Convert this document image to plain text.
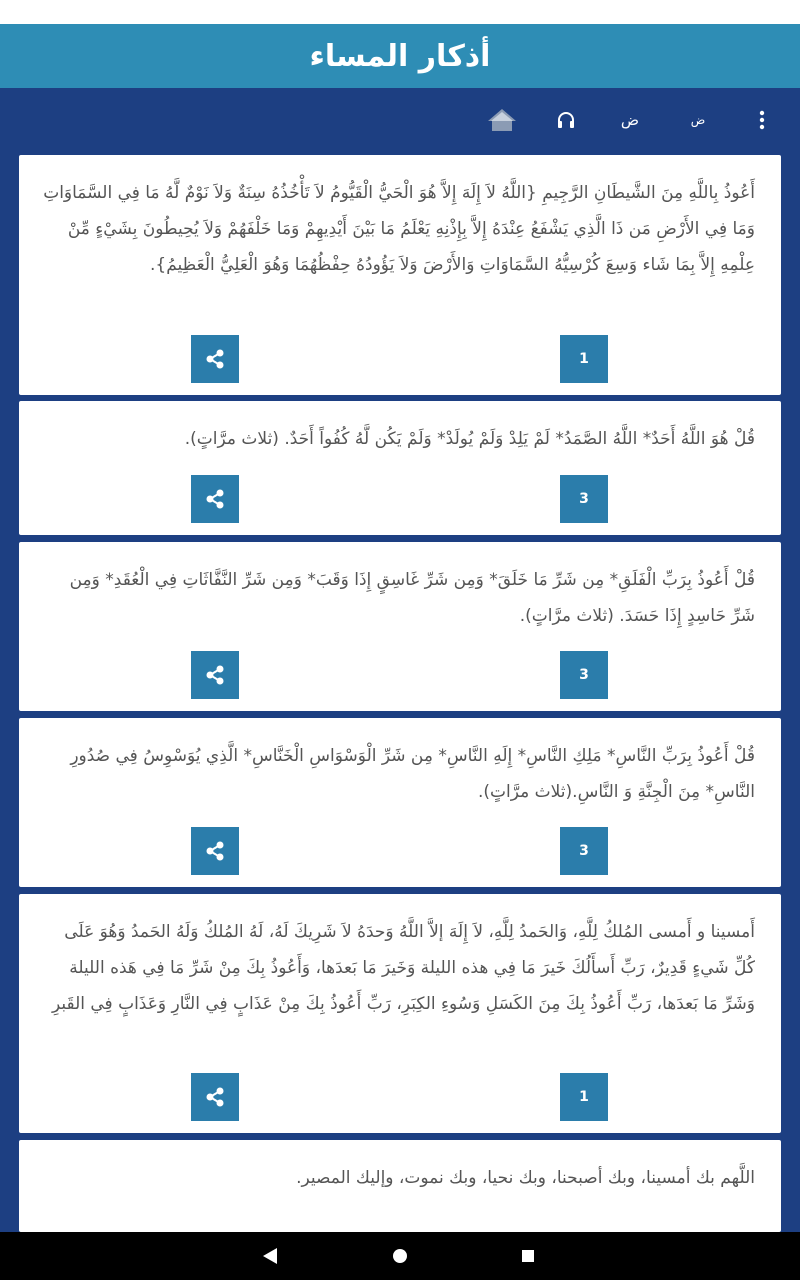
أذكار المساء
ض	ض
أَعُوذُ بِاللَّهِ مِنَ الشَّيطَانِ الرَّجِيمِ {اللَّهُ لاَ إِلَهَ إِلاَّ هُوَ الْحَيُّ الْقَيُّومُ لاَ تَأْخُذُهُ سِنَةٌ وَلاَ نَوْمٌ لَّهُ مَا فِي السَّمَاوَاتِ وَمَا فِي الأَرْضِ مَن ذَا الَّذِي يَشْفَعُ عِنْدَهُ إِلاَّ بِإِذْنِهِ يَعْلَمُ مَا بَيْنَ أَيْدِيهِمْ وَمَا خَلْفَهُمْ وَلاَ يُحِيطُونَ بِشَيْءٍ مِّنْ عِلْمِهِ إِلاَّ بِمَا شَاء وَسِعَ كُرْسِيُّهُ السَّمَاوَاتِ وَالأَرْضَ وَلاَ يَؤُودُهُ حِفْظُهُمَا وَهُوَ الْعَلِيُّ الْعَظِيمُ}.
1
قُلْ هُوَ اللَّهُ أَحَدٌ* اللَّهُ الصَّمَدُ* لَمْ يَلِدْ وَلَمْ يُولَدْ* وَلَمْ يَكُن لَّهُ كُفُواً أَحَدٌ. (ثلاث مرَّاتٍ).
3
قُلْ أَعُوذُ بِرَبِّ الْفَلَقِ* مِن شَرِّ مَا خَلَقَ* وَمِن شَرِّ غَاسِقٍ إِذَا وَقَبَ* وَمِن شَرِّ النَّفَّاثَاتِ فِي الْعُقَدِ* وَمِن شَرِّ حَاسِدٍ إِذَا حَسَدَ. (ثلاث مرَّاتٍ).
3
قُلْ أَعُوذُ بِرَبِّ النَّاسِ* مَلِكِ النَّاسِ* إِلَهِ النَّاسِ* مِن شَرِّ الْوَسْوَاسِ الْخَنَّاسِ* الَّذِي يُوَسْوِسُ فِي صُدُورِ النَّاسِ* مِنَ الْجِنَّةِ وَ النَّاسِ.(ثلاث مرَّاتٍ).
3
أَمسينا و أَمسى المُلكُ لِلَّهِ، وَالحَمدُ لِلَّهِ، لاَ إِلَهَ إلاَّ اللَّهُ وَحدَهُ لاَ شَرِيكَ لَهُ، لَهُ المُلكُ وَلَهُ الحَمدُ وَهُوَ عَلَى كُلِّ شَيءٍ قَدِيرٌ، رَبِّ أَسأَلُكَ خَيرَ مَا فِي هذه الليلة وَخَيرَ مَا بَعدَها، وَأَعُوذُ بِكَ مِنْ شَرِّ مَا فِي هَذه الليلة وَشَرِّ مَا بَعدَها، رَبِّ أَعُوذُ بِكَ مِنَ الكَسَلِ وَسُوءِ الكِبَرِ، رَبِّ أَعُوذُ بِكَ مِنْ عَذَابٍ فِي النَّارِ وَعَذَابٍ فِي القَبرِ
1
اللَّهم بك أمسينا، وبك أصبحنا، وبك نحيا، وبك نموت، وإليك المصير.
